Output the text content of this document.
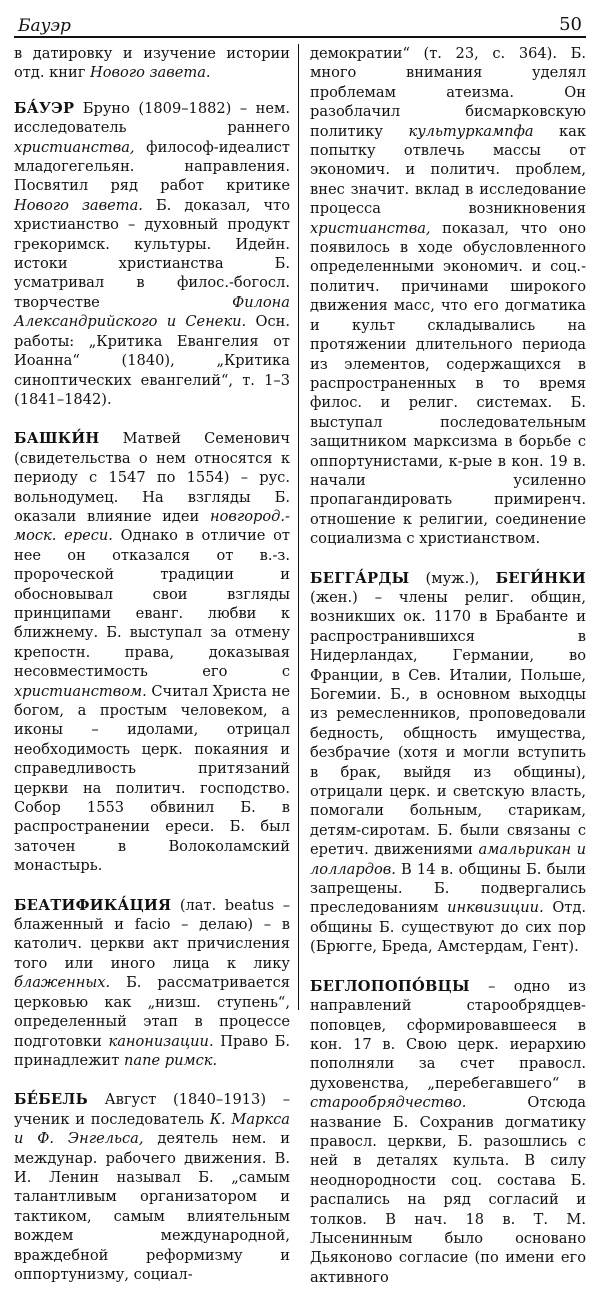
Бауэр	50

в датировку и изучение истории отд. книг Нового завета.

БА́УЭР Бруно (1809–1882) – нем. исследователь раннего христианства, философ-идеалист младогегельян. направления. Посвятил ряд работ критике Нового завета. Б. доказал, что христианство – духовный продукт грекоримск. культуры. Идейн. истоки христианства Б. усматривал в филос.-богосл. творчестве Филона Александрийского и Сенеки. Осн. работы: „Критика Евангелия от Иоанна“ (1840), „Критика синоптических евангелий“, т. 1–3 (1841–1842).

БАШКИ́Н Матвей Семенович (свидетельства о нем относятся к периоду с 1547 по 1554) – рус. вольнодумец. На взгляды Б. оказали влияние идеи новгород.-моск. ереси. Однако в отличие от нее он отказался от в.-з. пророческой традиции и обосновывал свои взгляды принципами еванг. любви к ближнему. Б. выступал за отмену крепостн. права, доказывая несовместимость его с христианством. Считал Христа не богом, а простым человеком, а иконы – идолами, отрицал необходимость церк. покаяния и справедливость притязаний церкви на политич. господство. Собор 1553 обвинил Б. в распространении ереси. Б. был заточен в Волоколамский монастырь.

БЕАТИФИКА́ЦИЯ (лат. beatus – блаженный и facio – делаю) – в католич. церкви акт причисления того или иного лица к лику блаженных. Б. рассматривается церковью как „низш. ступень“, определенный этап в процессе подготовки канонизации. Право Б. принадлежит папе римск.

БЕ́БЕЛЬ Август (1840–1913) – ученик и последователь К. Маркса и Ф. Энгельса, деятель нем. и междунар. рабочего движения. В. И. Ленин называл Б. „самым талантливым организатором и тактиком, самым влиятельным вождем международной, враждебной реформизму и оппортунизму, социал-

демократии“ (т. 23, с. 364). Б. много внимания уделял проблемам атеизма. Он разоблачил бисмарковскую политику культуркампфа как попытку отвлечь массы от экономич. и политич. проблем, внес значит. вклад в исследование процесса возникновения христианства, показал, что оно появилось в ходе обусловленного определенными экономич. и соц.-политич. причинами широкого движения масс, что его догматика и культ складывались на протяжении длительного периода из элементов, содержащихся в распространенных в то время филос. и религ. системах. Б. выступал последовательным защитником марксизма в борьбе с оппортунистами, к-рые в кон. 19 в. начали усиленно пропагандировать примиренч. отношение к религии, соединение социализма с христианством.

БЕГГА́РДЫ (муж.), БЕГИ́НКИ (жен.) – члены религ. общин, возникших ок. 1170 в Брабанте и распространившихся в Нидерландах, Германии, во Франции, в Сев. Италии, Польше, Богемии. Б., в основном выходцы из ремесленников, проповедовали бедность, общность имущества, безбрачие (хотя и могли вступить в брак, выйдя из общины), отрицали церк. и светскую власть, помогали больным, старикам, детям-сиротам. Б. были связаны с еретич. движениями амальрикан и лоллардов. В 14 в. общины Б. были запрещены. Б. подвергались преследованиям инквизиции. Отд. общины Б. существуют до сих пор (Брюгге, Бреда, Амстердам, Гент).

БЕГЛОПОПО́ВЦЫ – одно из направлений старообрядцев-поповцев, сформировавшееся в кон. 17 в. Свою церк. иерархию пополняли за счет правосл. духовенства, „перебегавшего“ в старообрядчество. Отсюда название Б. Сохранив догматику правосл. церкви, Б. разошлись с ней в деталях культа. В силу неоднородности соц. состава Б. распались на ряд согласий и толков. В нач. 18 в. Т. М. Лысенинным было основано Дьяконово согласие (по имени его активного
